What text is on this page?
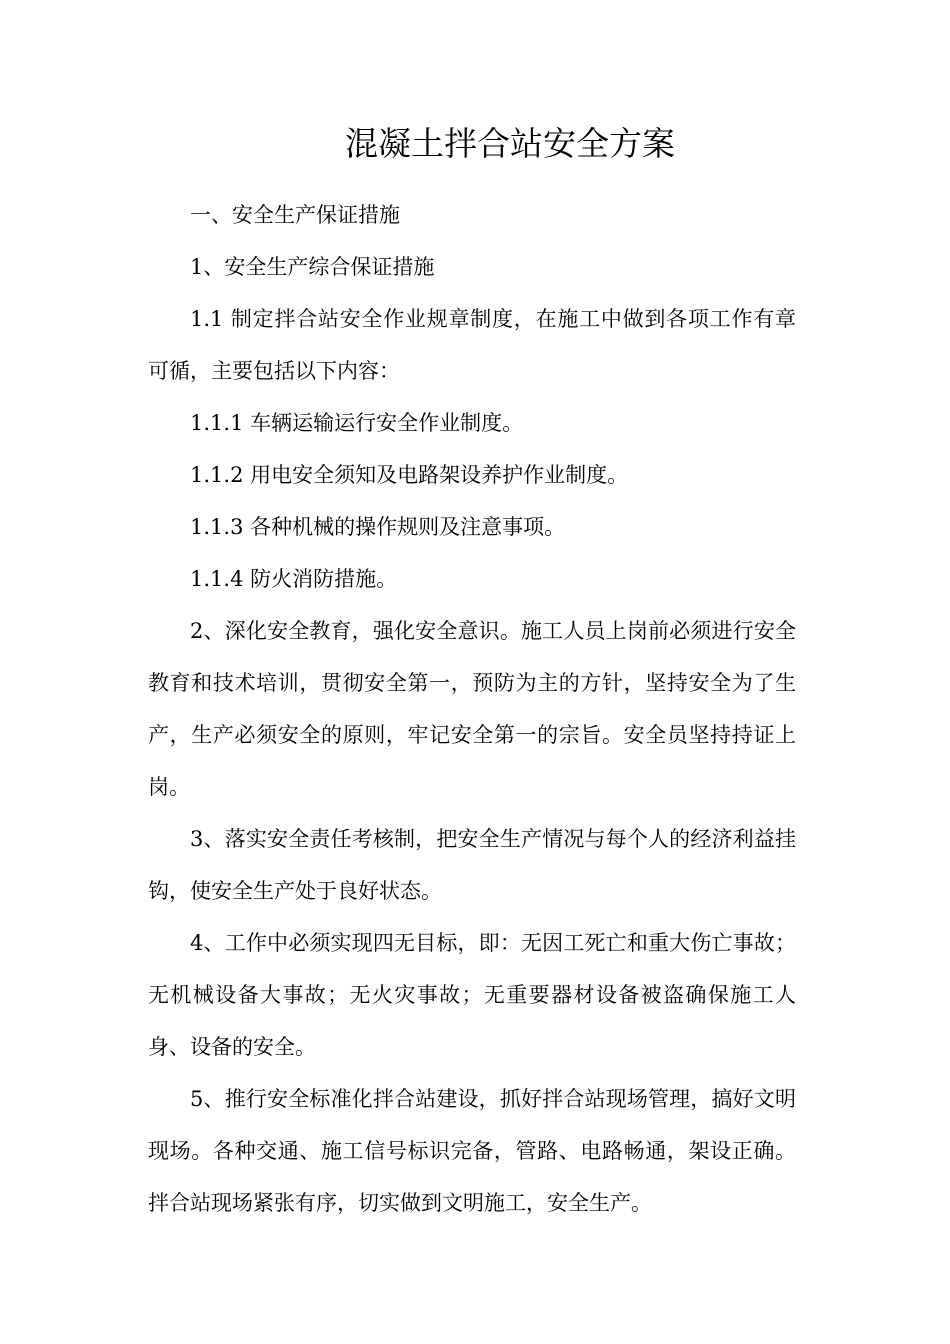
混凝土拌合站安全方案

一、安全生产保证措施

1、安全生产综合保证措施

1.1 制定拌合站安全作业规章制度，在施工中做到各项工作有章可循，主要包括以下内容：

1.1.1 车辆运输运行安全作业制度。

1.1.2 用电安全须知及电路架设养护作业制度。

1.1.3 各种机械的操作规则及注意事项。

1.1.4 防火消防措施。

2、深化安全教育，强化安全意识。施工人员上岗前必须进行安全教育和技术培训，贯彻安全第一，预防为主的方针，坚持安全为了生产，生产必须安全的原则，牢记安全第一的宗旨。安全员坚持持证上岗。

3、落实安全责任考核制，把安全生产情况与每个人的经济利益挂钩，使安全生产处于良好状态。

4、工作中必须实现四无目标，即：无因工死亡和重大伤亡事故；无机械设备大事故；无火灾事故；无重要器材设备被盗确保施工人身、设备的安全。

5、推行安全标准化拌合站建设，抓好拌合站现场管理，搞好文明现场。各种交通、施工信号标识完备，管路、电路畅通，架设正确。拌合站现场紧张有序，切实做到文明施工，安全生产。
